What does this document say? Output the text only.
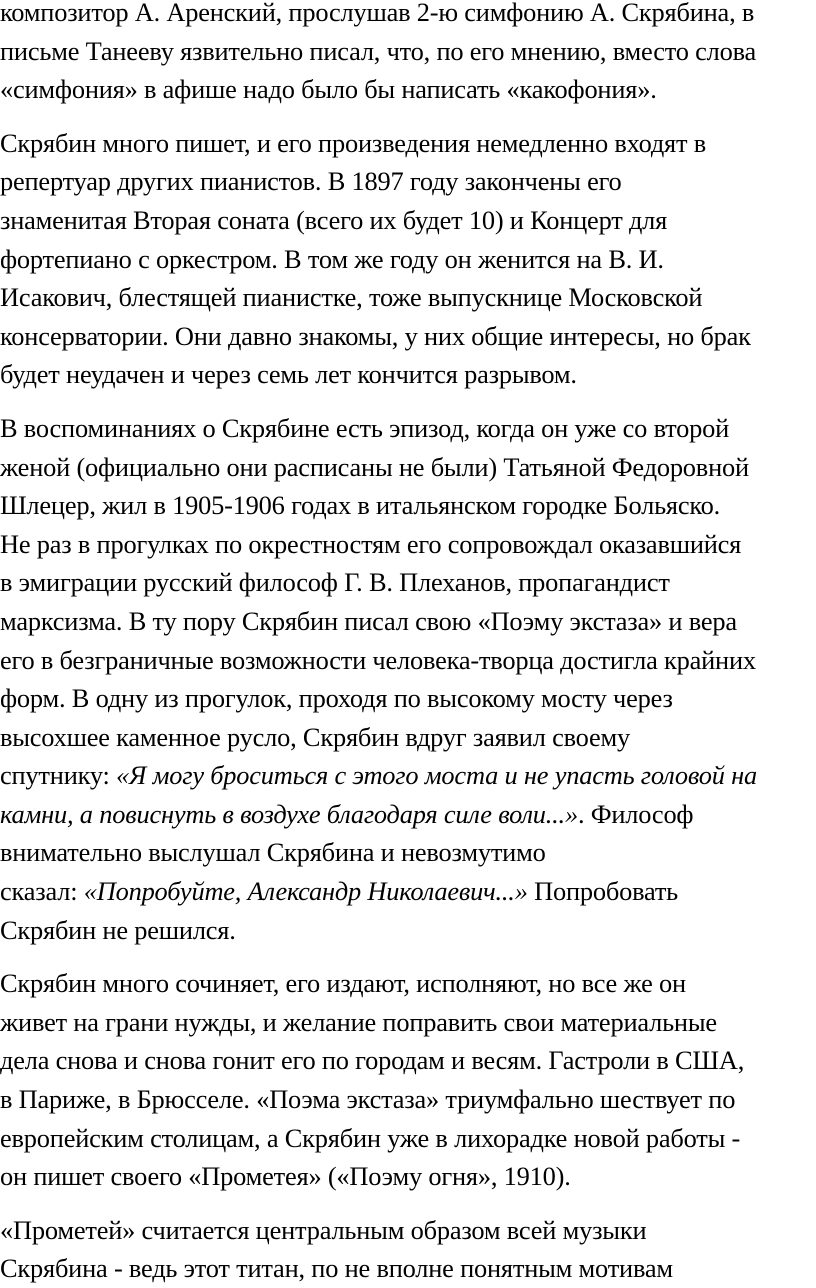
композитор А. Аренский, прослушав 2-ю симфонию А. Скрябина, в
письме Танееву язвительно писал, что, по его мнению, вместо слова
«симфония» в афише надо было бы написать «какофония».

Скрябин много пишет, и его произведения немедленно входят в
репертуар других пианистов. В 1897 году закончены его
знаменитая Вторая соната (всего их будет 10) и Концерт для
фортепиано с оркестром. В том же году он женится на В. И.
Исакович, блестящей пианистке, тоже выпускнице Московской
консерватории. Они давно знакомы, у них общие интересы, но брак
будет неудачен и через семь лет кончится разрывом.

В воспоминаниях о Скрябине есть эпизод, когда он уже со второй
женой (официально они расписаны не были) Татьяной Федоровной
Шлецер, жил в 1905-1906 годах в итальянском городке Больяско.
Не раз в прогулках по окрестностям его сопровождал оказавшийся
в эмиграции русский философ Г. В. Плеханов, пропагандист
марксизма. В ту пору Скрябин писал свою «Поэму экстаза» и вера
его в безграничные возможности человека-творца достигла крайних
форм. В одну из прогулок, проходя по высокому мосту через
высохшее каменное русло, Скрябин вдруг заявил своему
спутнику: «Я могу броситься с этого моста и не упасть головой на
камни, а повиснуть в воздухе благодаря силе воли...». Философ
внимательно выслушал Скрябина и невозмутимо
сказал: «Попробуйте, Александр Николаевич...» Попробовать
Скрябин не решился.

Скрябин много сочиняет, его издают, исполняют, но все же он
живет на грани нужды, и желание поправить свои материальные
дела снова и снова гонит его по городам и весям. Гастроли в США,
в Париже, в Брюсселе. «Поэма экстаза» триумфально шествует по
европейским столицам, а Скрябин уже в лихорадке новой работы -
он пишет своего «Прометея» («Поэму огня», 1910).

«Прометей» считается центральным образом всей музыки
Скрябина - ведь этот титан, по не вполне понятным мотивам
